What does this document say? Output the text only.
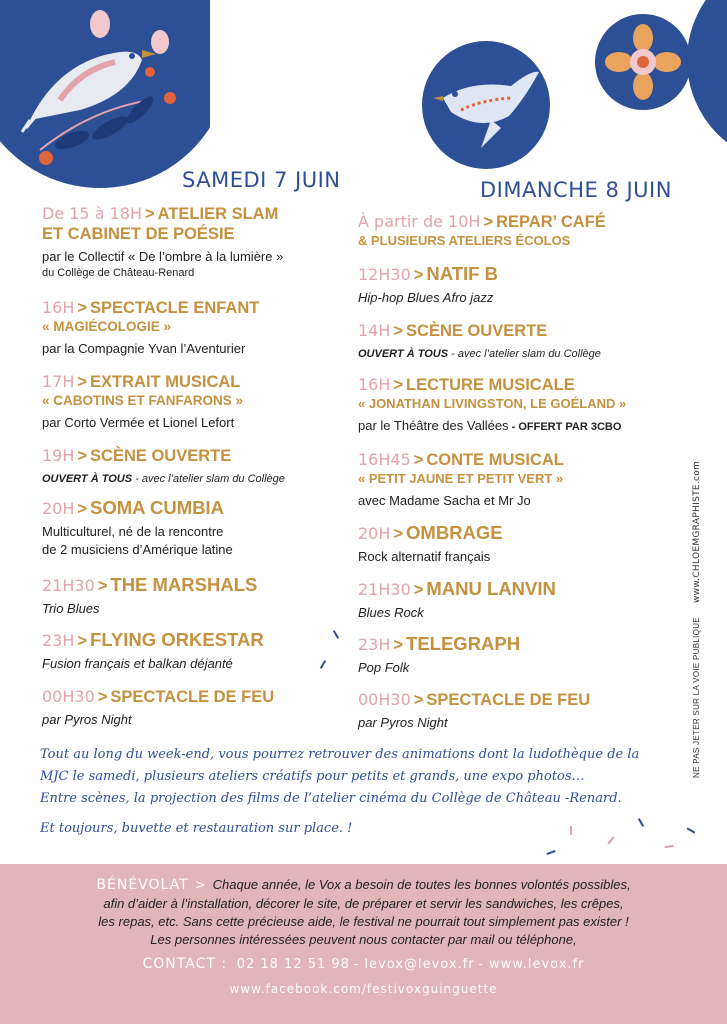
SAMEDI 7 JUIN
De 15 à 18H > ATELIER SLAM
ET CABINET DE POÉSIE
par le Collectif « De l’ombre à la lumière »
du Collège de Château-Renard
16H > SPECTACLE ENFANT
« MAGIÉCOLOGIE »
par la Compagnie Yvan l’Aventurier
17H > EXTRAIT MUSICAL
« CABOTINS ET FANFARONS »
par Corto Vermée et Lionel Lefort
19H > SCÈNE OUVERTE
OUVERT À TOUS - avec l’atelier slam du Collège
20H > SOMA CUMBIA
Multiculturel, né de la rencontre
de 2 musiciens d’Amérique latine
21H30 > THE MARSHALS
Trio Blues
23H > FLYING ORKESTAR
Fusion français et balkan déjanté
00H30 > SPECTACLE DE FEU
par Pyros Night
DIMANCHE 8 JUIN
À partir de 10H > REPAR’ CAFÉ
& PLUSIEURS ATELIERS ÉCOLOS
12H30 > NATIF B
Hip-hop Blues Afro jazz
14H > SCÈNE OUVERTE
OUVERT À TOUS - avec l’atelier slam du Collège
16H > LECTURE MUSICALE
« JONATHAN LIVINGSTON, LE GOÉLAND »
par le Théâtre des Vallées - OFFERT PAR 3CBO
16H45 > CONTE MUSICAL
« PETIT JAUNE ET PETIT VERT »
avec Madame Sacha et Mr Jo
20H > OMBRAGE
Rock alternatif français
21H30 > MANU LANVIN
Blues Rock
23H > TELEGRAPH
Pop Folk
00H30 > SPECTACLE DE FEU
par Pyros Night	NE PAS JETER SUR LA VOIE PUBLIQUE www.CHLOEMGRAPHISTE.com
Tout au long du week-end, vous pourrez retrouver des animations dont la ludothèque de la
MJC le samedi, plusieurs ateliers créatifs pour petits et grands, une expo photos…
Entre scènes, la projection des films de l’atelier cinéma du Collège de Château -Renard.
Et toujours, buvette et restauration sur place. !

BÉNÉVOLAT > Chaque année, le Vox a besoin de toutes les bonnes volontés possibles,

afin d’aider à l’installation, décorer le site, de préparer et servir les sandwiches, les crêpes,

les repas, etc. Sans cette précieuse aide, le festival ne pourrait tout simplement pas exister !

Les personnes intéressées peuvent nous contacter par mail ou téléphone,

CONTACT : 02 18 12 51 98 - levox@levox.fr - www.levox.fr

www.facebook.com/festivoxguinguette
